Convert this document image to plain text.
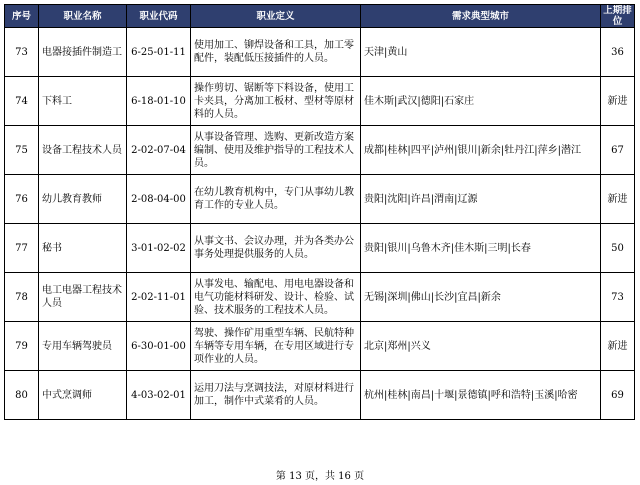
序号	职业名称	职业代码	职业定义	需求典型城市	上期排位
73	电器接插件制造工	6-25-01-11	使用加工、铆焊设备和工具，加工零配件，装配低压接插件的人员。	天津|黄山	36
74	下料工	6-18-01-10	操作剪切、锯断等下料设备，使用工卡夹具，分离加工板材、型材等原材料的人员。	佳木斯|武汉|德阳|石家庄	新进
75	设备工程技术人员	2-02-07-04	从事设备管理、选购、更新改造方案编制、使用及维护指导的工程技术人员。	成都|桂林|四平|泸州|银川|新余|牡丹江|萍乡|潜江	67
76	幼儿教育教师	2-08-04-00	在幼儿教育机构中，专门从事幼儿教育工作的专业人员。	贵阳|沈阳|许昌|渭南|辽源	新进
77	秘书	3-01-02-02	从事文书、会议办理，并为各类办公事务处理提供服务的人员。	贵阳|银川|乌鲁木齐|佳木斯|三明|长春	50
78	电工电器工程技术人员	2-02-11-01	从事发电、输配电、用电电器设备和电气功能材料研发、设计、检验、试验、技术服务的工程技术人员。	无锡|深圳|佛山|长沙|宜昌|新余	73
79	专用车辆驾驶员	6-30-01-00	驾驶、操作矿用重型车辆、民航特种车辆等专用车辆，在专用区域进行专项作业的人员。	北京|郑州|兴义	新进
80	中式烹调师	4-03-02-01	运用刀法与烹调技法，对原材料进行加工，制作中式菜肴的人员。	杭州|桂林|南昌|十堰|景德镇|呼和浩特|玉溪|哈密	69
第 13 页，共 16 页
